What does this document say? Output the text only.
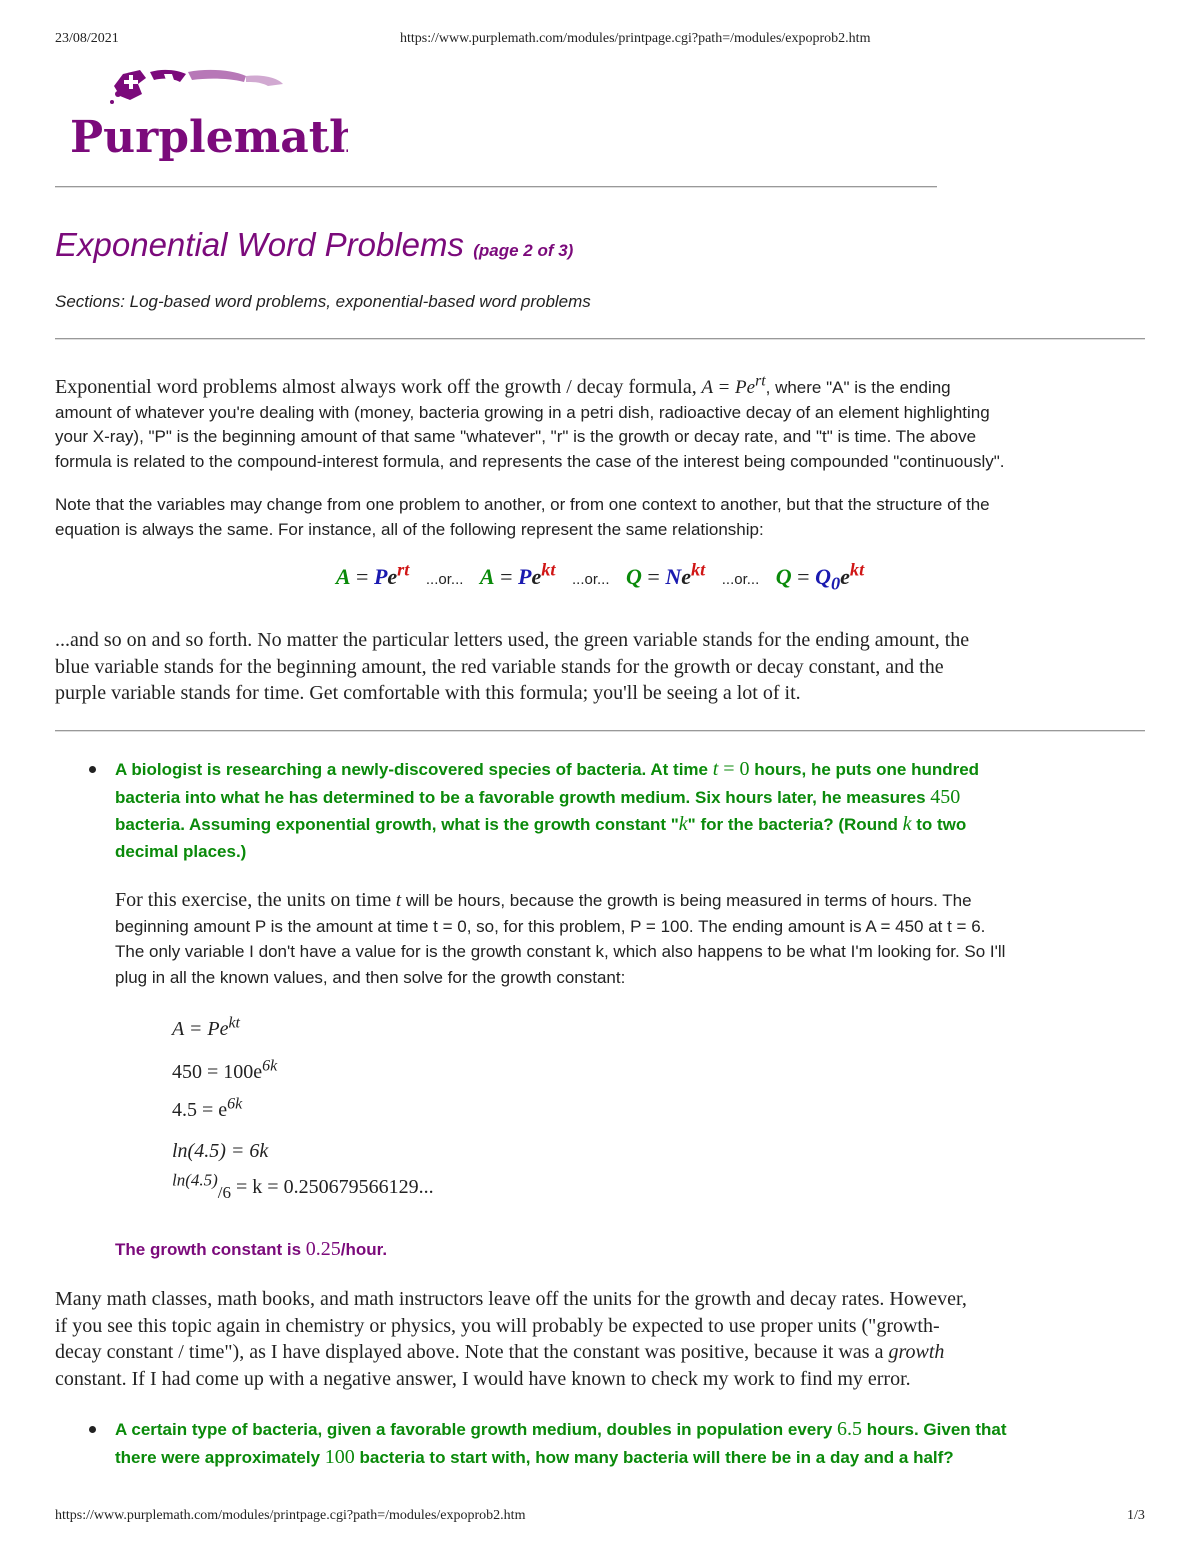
23/08/2021	https://www.purplemath.com/modules/printpage.cgi?path=/modules/expoprob2.htm
Purplemath
Exponential Word Problems (page 2 of 3)
Sections: Log-based word problems, exponential-based word problems
Exponential word problems almost always work off the growth / decay formula, $A = Pe^{rt}$, where "A" is the ending
amount of whatever you're dealing with (money, bacteria growing in a petri dish, radioactive decay of an element highlighting
your X-ray), "P" is the beginning amount of that same "whatever", "r" is the growth or decay rate, and "t" is time. The above
formula is related to the compound-interest formula, and represents the case of the interest being compounded "continuously".
Note that the variables may change from one problem to another, or from one context to another, but that the structure of the
equation is always the same. For instance, all of the following represent the same relationship:
$A = Pe^{rt}$ ...or... $A = Pe^{kt}$ ...or... $Q = Ne^{kt}$ ...or... $Q = Q_0e^{kt}$
...and so on and so forth. No matter the particular letters used, the green variable stands for the ending amount, the
blue variable stands for the beginning amount, the red variable stands for the growth or decay constant, and the
purple variable stands for time. Get comfortable with this formula; you'll be seeing a lot of it.
A biologist is researching a newly-discovered species of bacteria. At time t = 0 hours, he puts one hundred
bacteria into what he has determined to be a favorable growth medium. Six hours later, he measures 450
bacteria. Assuming exponential growth, what is the growth constant "k" for the bacteria? (Round k to two
decimal places.)
For this exercise, the units on time t will be hours, because the growth is being measured in terms of hours. The
beginning amount P is the amount at time t = 0, so, for this problem, P = 100. The ending amount is A = 450 at t = 6.
The only variable I don't have a value for is the growth constant k, which also happens to be what I'm looking for. So I'll
plug in all the known values, and then solve for the growth constant:
$A = Pe^{kt}$
$450 = 100e^{6k}$
$4.5 = e^{6k}$
ln(4.5) = 6k
$^{ln(4.5)}_{/6}$ = k = 0.250679566129...
The growth constant is 0.25/hour.
Many math classes, math books, and math instructors leave off the units for the growth and decay rates. However,
if you see this topic again in chemistry or physics, you will probably be expected to use proper units ("growth-
decay constant / time"), as I have displayed above. Note that the constant was positive, because it was a growth
constant. If I had come up with a negative answer, I would have known to check my work to find my error.
A certain type of bacteria, given a favorable growth medium, doubles in population every 6.5 hours. Given that
there were approximately 100 bacteria to start with, how many bacteria will there be in a day and a half?
https://www.purplemath.com/modules/printpage.cgi?path=/modules/expoprob2.htm	1/3
